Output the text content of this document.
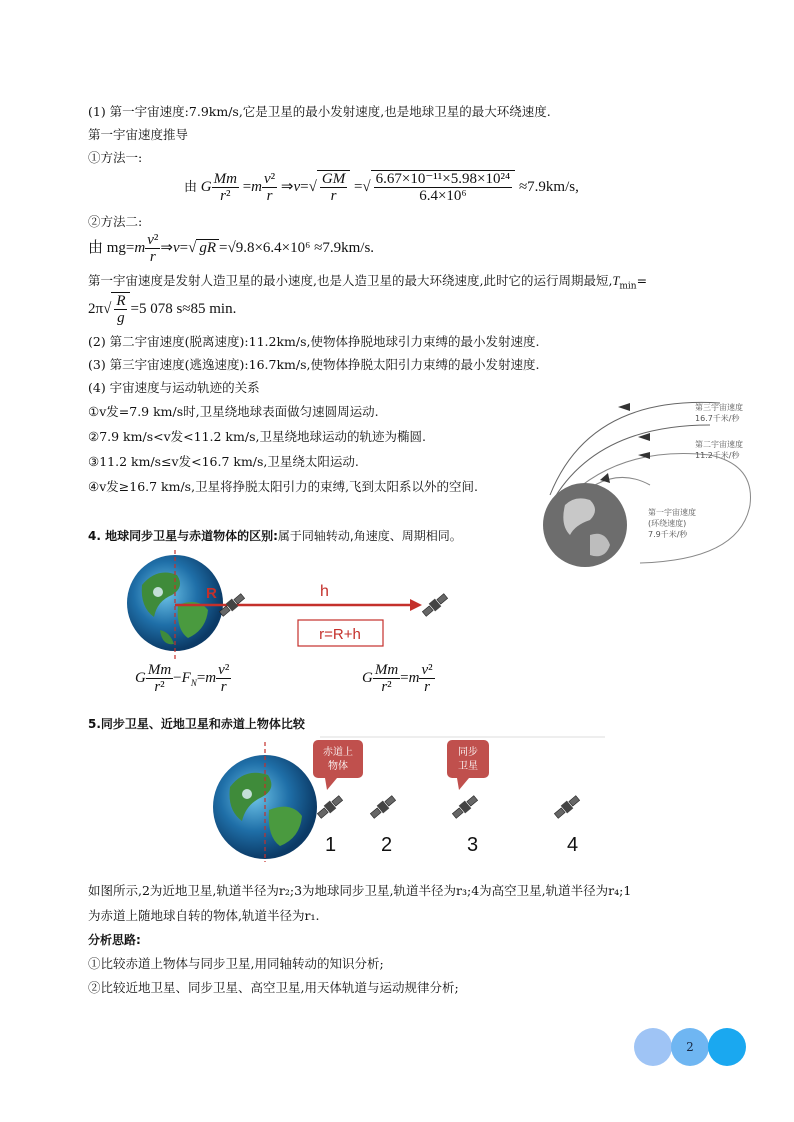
(1) 第一宇宙速度:7.9km/s,它是卫星的最小发射速度,也是地球卫星的最大环绕速度.
第一宇宙速度推导
①方法一:
由 G $\frac{Mm}{\text{r²}} =m \frac{\text{v²}}{r}$ ⇒v=√ $\frac{GM}{r}$ =√ $\frac{\text{6.67×10⁻¹¹×5.98×10²⁴}}{\text{6.4×10⁶}} \approx 7.9km/s$,
②方法二:
由 $mg=m \frac{\text{v²}}{r}$ ⇒v=√ gR =√9.8×6.4×10⁶ ≈7.9km/s.
第一宇宙速度是发射人造卫星的最小速度,也是人造卫星的最大环绕速度,此时它的运行周期最短$,T_{min}=$
$2\pi√ \frac{R}{g} =5$ 078 s≈85 min.
(2) 第二宇宙速度(脱离速度):11.2km/s,使物体挣脱地球引力束缚的最小发射速度.
(3) 第三宇宙速度(逃逸速度):16.7km/s,使物体挣脱太阳引力束缚的最小发射速度.
(4) 宇宙速度与运动轨迹的关系
①v发=7.9 km/s时,卫星绕地球表面做匀速圆周运动.
②7.9 km/s<v发<11.2 km/s,卫星绕地球运动的轨迹为椭圆.
③11.2 km/s≤v发<16.7 km/s,卫星绕太阳运动.
④v发≥16.7 km/s,卫星将挣脱太阳引力的束缚,飞到太阳系以外的空间.
第三宇宙速度
16.7千米/秒
第二宇宙速度
11.2千米/秒
第一宇宙速度
(环绕速度)
7.9千米/秒
4. 地球同步卫星与赤道物体的区别:属于同轴转动,角速度、周期相同。
R	h
r=R+h
G $\frac{Mm}{\text{r²}} -F_N=m \frac{\text{v²}}{r}$	G $\frac{Mm}{\text{r²}} =m \frac{\text{v²}}{r}$
5.同步卫星、近地卫星和赤道上物体比较
赤道上
物体
同步
卫星
1 2	3	4
如图所示,2为近地卫星,轨道半径为r₂;3为地球同步卫星,轨道半径为r₃;4为高空卫星,轨道半径为r₄;1
为赤道上随地球自转的物体,轨道半径为r₁.
分析思路:
①比较赤道上物体与同步卫星,用同轴转动的知识分析;
②比较近地卫星、同步卫星、高空卫星,用天体轨道与运动规律分析;
2
